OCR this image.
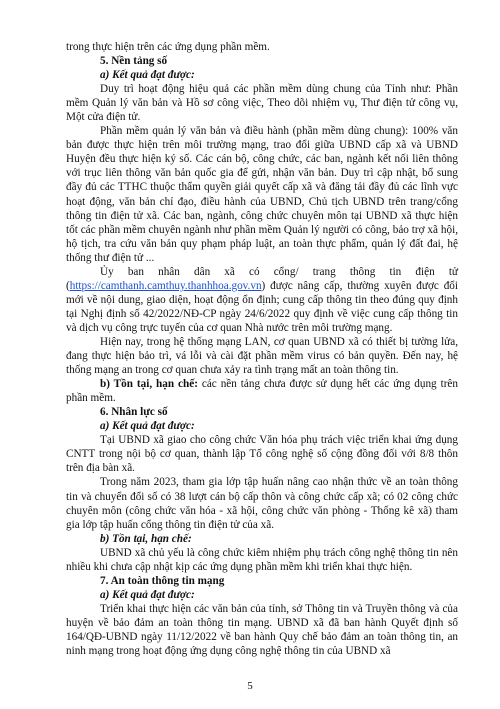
trong thực hiện trên các ứng dụng phần mềm.

5. Nền tảng số

a) Kết quả đạt được:

Duy trì hoạt động hiệu quả các phần mềm dùng chung của Tỉnh như: Phần mềm Quản lý văn bản và Hồ sơ công việc, Theo dõi nhiệm vụ, Thư điện tử công vụ, Một cửa điện tử.

Phần mềm quản lý văn bản và điều hành (phần mềm dùng chung): 100% văn bản được thực hiện trên môi trường mạng, trao đổi giữa UBND cấp xã và UBND Huyện đều thực hiện ký số. Các cán bộ, công chức, các ban, ngành kết nối liên thông với trục liên thông văn bản quốc gia để gửi, nhận văn bản. Duy trì cập nhật, bổ sung đầy đủ các TTHC thuộc thẩm quyền giải quyết cấp xã và đăng tải đầy đủ các lĩnh vực hoạt động, văn bản chỉ đạo, điều hành của UBND, Chủ tịch UBND trên trang/cổng thông tin điện tử xã. Các ban, ngành, công chức chuyên môn tại UBND xã thực hiện tốt các phần mềm chuyên ngành như phần mềm Quản lý người có công, bảo trợ xã hội, hộ tịch, tra cứu văn bản quy phạm pháp luật, an toàn thực phẩm, quản lý đất đai, hệ thống thư điện tử ...

Ủy ban nhân dân xã có cổng/ trang thông tin điện tử (https://camthanh.camthuy.thanhhoa.gov.vn) được nâng cấp, thường xuyên được đổi mới về nội dung, giao diện, hoạt động ổn định; cung cấp thông tin theo đúng quy định tại Nghị định số 42/2022/NĐ-CP ngày 24/6/2022 quy định về việc cung cấp thông tin và dịch vụ công trực tuyến của cơ quan Nhà nước trên môi trường mạng.

Hiện nay, trong hệ thống mạng LAN, cơ quan UBND xã có thiết bị tường lửa, đang thực hiện bảo trì, vá lỗi và cài đặt phần mềm virus có bản quyền. Đến nay, hệ thống mạng an trong cơ quan chưa xảy ra tình trạng mất an toàn thông tin.

b) Tồn tại, hạn chế: các nền tảng chưa được sử dụng hết các ứng dụng trên phần mềm.

6. Nhân lực số

a) Kết quả đạt được:

Tại UBND xã giao cho công chức Văn hóa phụ trách việc triển khai ứng dụng CNTT trong nội bộ cơ quan, thành lập Tổ công nghệ số cộng đồng đối với 8/8 thôn trên địa bàn xã.

Trong năm 2023, tham gia lớp tập huấn nâng cao nhận thức về an toàn thông tin và chuyển đổi số có 38 lượt cán bộ cấp thôn và công chức cấp xã; có 02 công chức chuyên môn (công chức văn hóa - xã hội, công chức văn phòng - Thống kê xã) tham gia lớp tập huấn cổng thông tin điện tử của xã.

b) Tồn tại, hạn chế:

UBND xã chủ yếu là công chức kiêm nhiệm phụ trách công nghệ thông tin nên nhiều khi chưa cập nhật kịp các ứng dụng phần mềm khi triển khai thực hiện.

7. An toàn thông tin mạng

a) Kết quả đạt được:

Triển khai thực hiện các văn bản của tỉnh, sở Thông tin và Truyền thông và của huyện về bảo đảm an toàn thông tin mạng. UBND xã đã ban hành Quyết định số 164/QĐ-UBND ngày 11/12/2022 về ban hành Quy chế bảo đảm an toàn thông tin, an ninh mạng trong hoạt động ứng dụng công nghệ thông tin của UBND xã

5
